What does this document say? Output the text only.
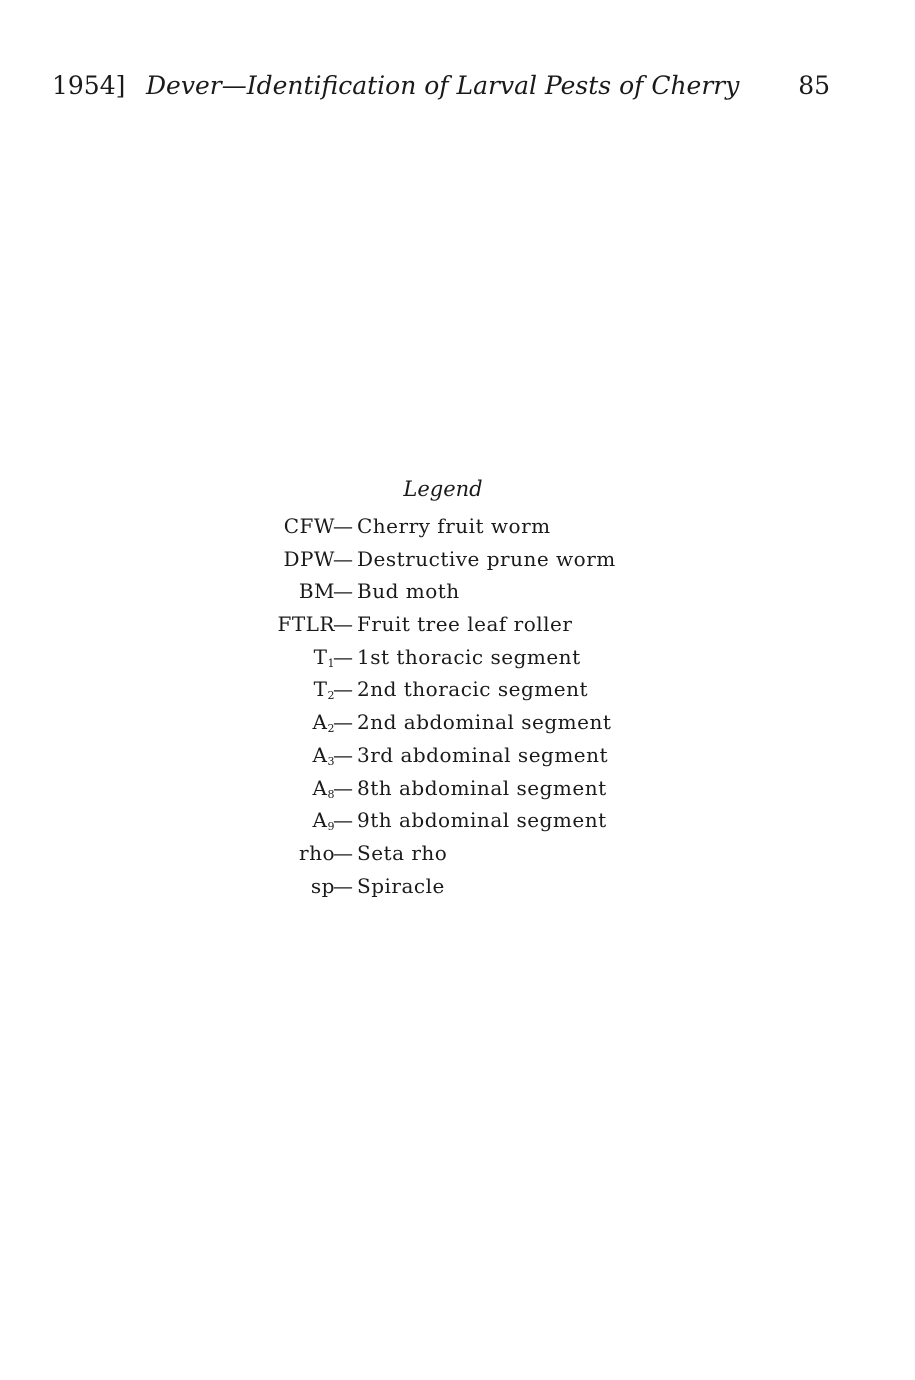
1954] Dever—Identification of Larval Pests of Cherry 85
Legend
CFW
— Cherry fruit worm
DPW
— Destructive prune worm
BM
— Bud moth
FTLR
— Fruit tree leaf roller
$T_1$
— 1st thoracic segment
$T_2$
— 2nd thoracic segment
$A_2$
— 2nd abdominal segment
$A_3$
— 3rd abdominal segment
$A_8$
— 8th abdominal segment
$A_9$
— 9th abdominal segment
rho
— Seta rho
sp
— Spiracle
